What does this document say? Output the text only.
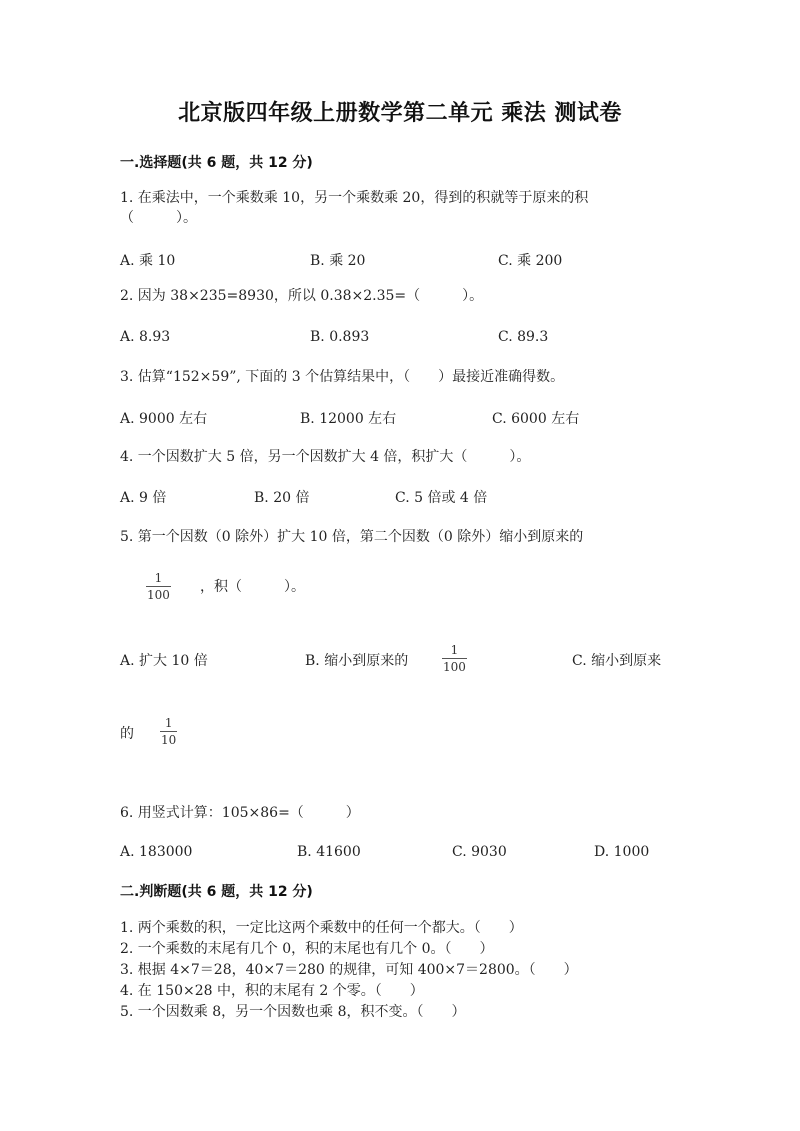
北京版四年级上册数学第二单元 乘法 测试卷
一.选择题(共 6 题，共 12 分)
1. 在乘法中，一个乘数乘 10，另一个乘数乘 20，得到的积就等于原来的积
（　　　）。
A. 乘 10	B. 乘 20	C. 乘 200
2. 因为 38×235=8930，所以 0.38×2.35=（　　　）。
A. 8.93	B. 0.893	C. 89.3
3. 估算“152×59”, 下面的 3 个估算结果中，（　　）最接近准确得数。
A. 9000 左右	B. 12000 左右	C. 6000 左右
4. 一个因数扩大 5 倍，另一个因数扩大 4 倍，积扩大（　　　）。
A. 9 倍	B. 20 倍	C. 5 倍或 4 倍
5. 第一个因数（0 除外）扩大 10 倍，第二个因数（0 除外）缩小到原来的
1
100 ，积（　　　）。
A. 扩大 10 倍	B. 缩小到原来的
1
100	C. 缩小到原来
的
1
10
6. 用竖式计算：105×86=（　　　）
A. 183000	B. 41600	C. 9030	D. 1000
二.判断题(共 6 题，共 12 分)
1. 两个乘数的积，一定比这两个乘数中的任何一个都大。（　　）
2. 一个乘数的末尾有几个 0，积的末尾也有几个 0。（　　）
3. 根据 4×7＝28，40×7＝280 的规律，可知 400×7＝2800。（　　）
4. 在 150×28 中，积的末尾有 2 个零。（　　）
5. 一个因数乘 8，另一个因数也乘 8，积不变。（　　）
